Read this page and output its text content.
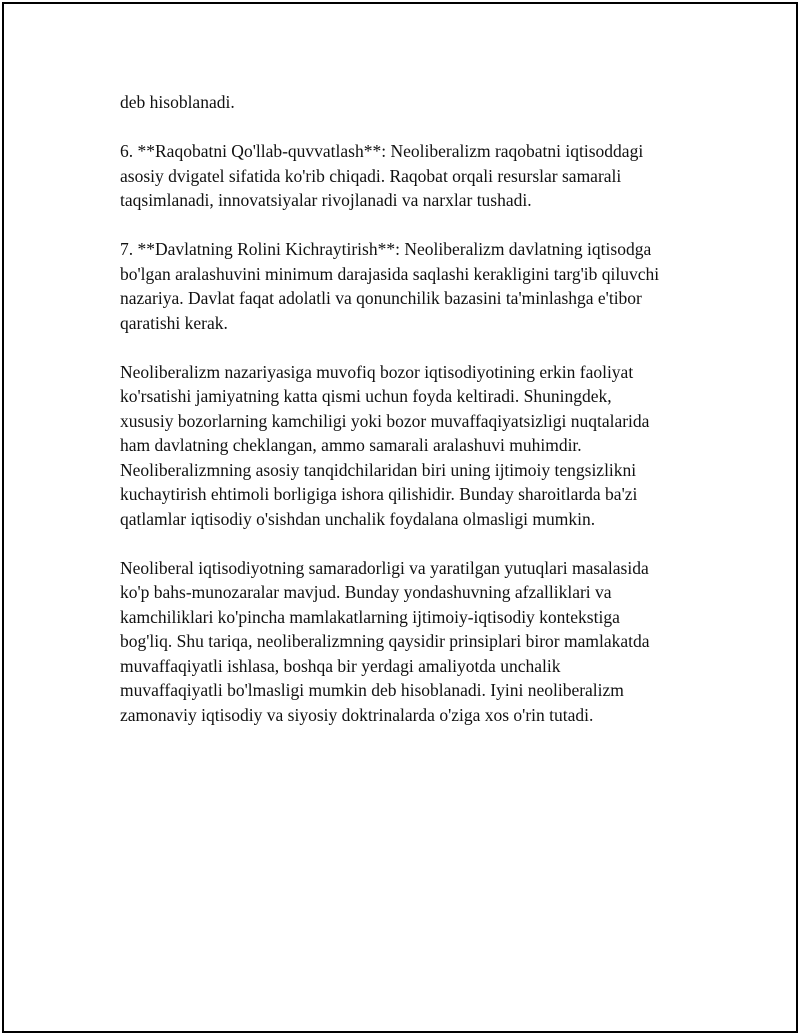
deb hisoblanadi.

6. **Raqobatni Qo'llab-quvvatlash**: Neoliberalizm raqobatni iqtisoddagi
asosiy dvigatel sifatida ko'rib chiqadi. Raqobat orqali resurslar samarali
taqsimlanadi, innovatsiyalar rivojlanadi va narxlar tushadi.

7. **Davlatning Rolini Kichraytirish**: Neoliberalizm davlatning iqtisodga
bo'lgan aralashuvini minimum darajasida saqlashi kerakligini targ'ib qiluvchi
nazariya. Davlat faqat adolatli va qonunchilik bazasini ta'minlashga e'tibor
qaratishi kerak.

Neoliberalizm nazariyasiga muvofiq bozor iqtisodiyotining erkin faoliyat
ko'rsatishi jamiyatning katta qismi uchun foyda keltiradi. Shuningdek,
xususiy bozorlarning kamchiligi yoki bozor muvaffaqiyatsizligi nuqtalarida
ham davlatning cheklangan, ammo samarali aralashuvi muhimdir.
Neoliberalizmning asosiy tanqidchilaridan biri uning ijtimoiy tengsizlikni
kuchaytirish ehtimoli borligiga ishora qilishidir. Bunday sharoitlarda ba'zi
qatlamlar iqtisodiy o'sishdan unchalik foydalana olmasligi mumkin.

Neoliberal iqtisodiyotning samaradorligi va yaratilgan yutuqlari masalasida
ko'p bahs-munozaralar mavjud. Bunday yondashuvning afzalliklari va
kamchiliklari ko'pincha mamlakatlarning ijtimoiy-iqtisodiy kontekstiga
bog'liq. Shu tariqa, neoliberalizmning qaysidir prinsiplari biror mamlakatda
muvaffaqiyatli ishlasa, boshqa bir yerdagi amaliyotda unchalik
muvaffaqiyatli bo'lmasligi mumkin deb hisoblanadi. Iyini neoliberalizm
zamonaviy iqtisodiy va siyosiy doktrinalarda o'ziga xos o'rin tutadi.
